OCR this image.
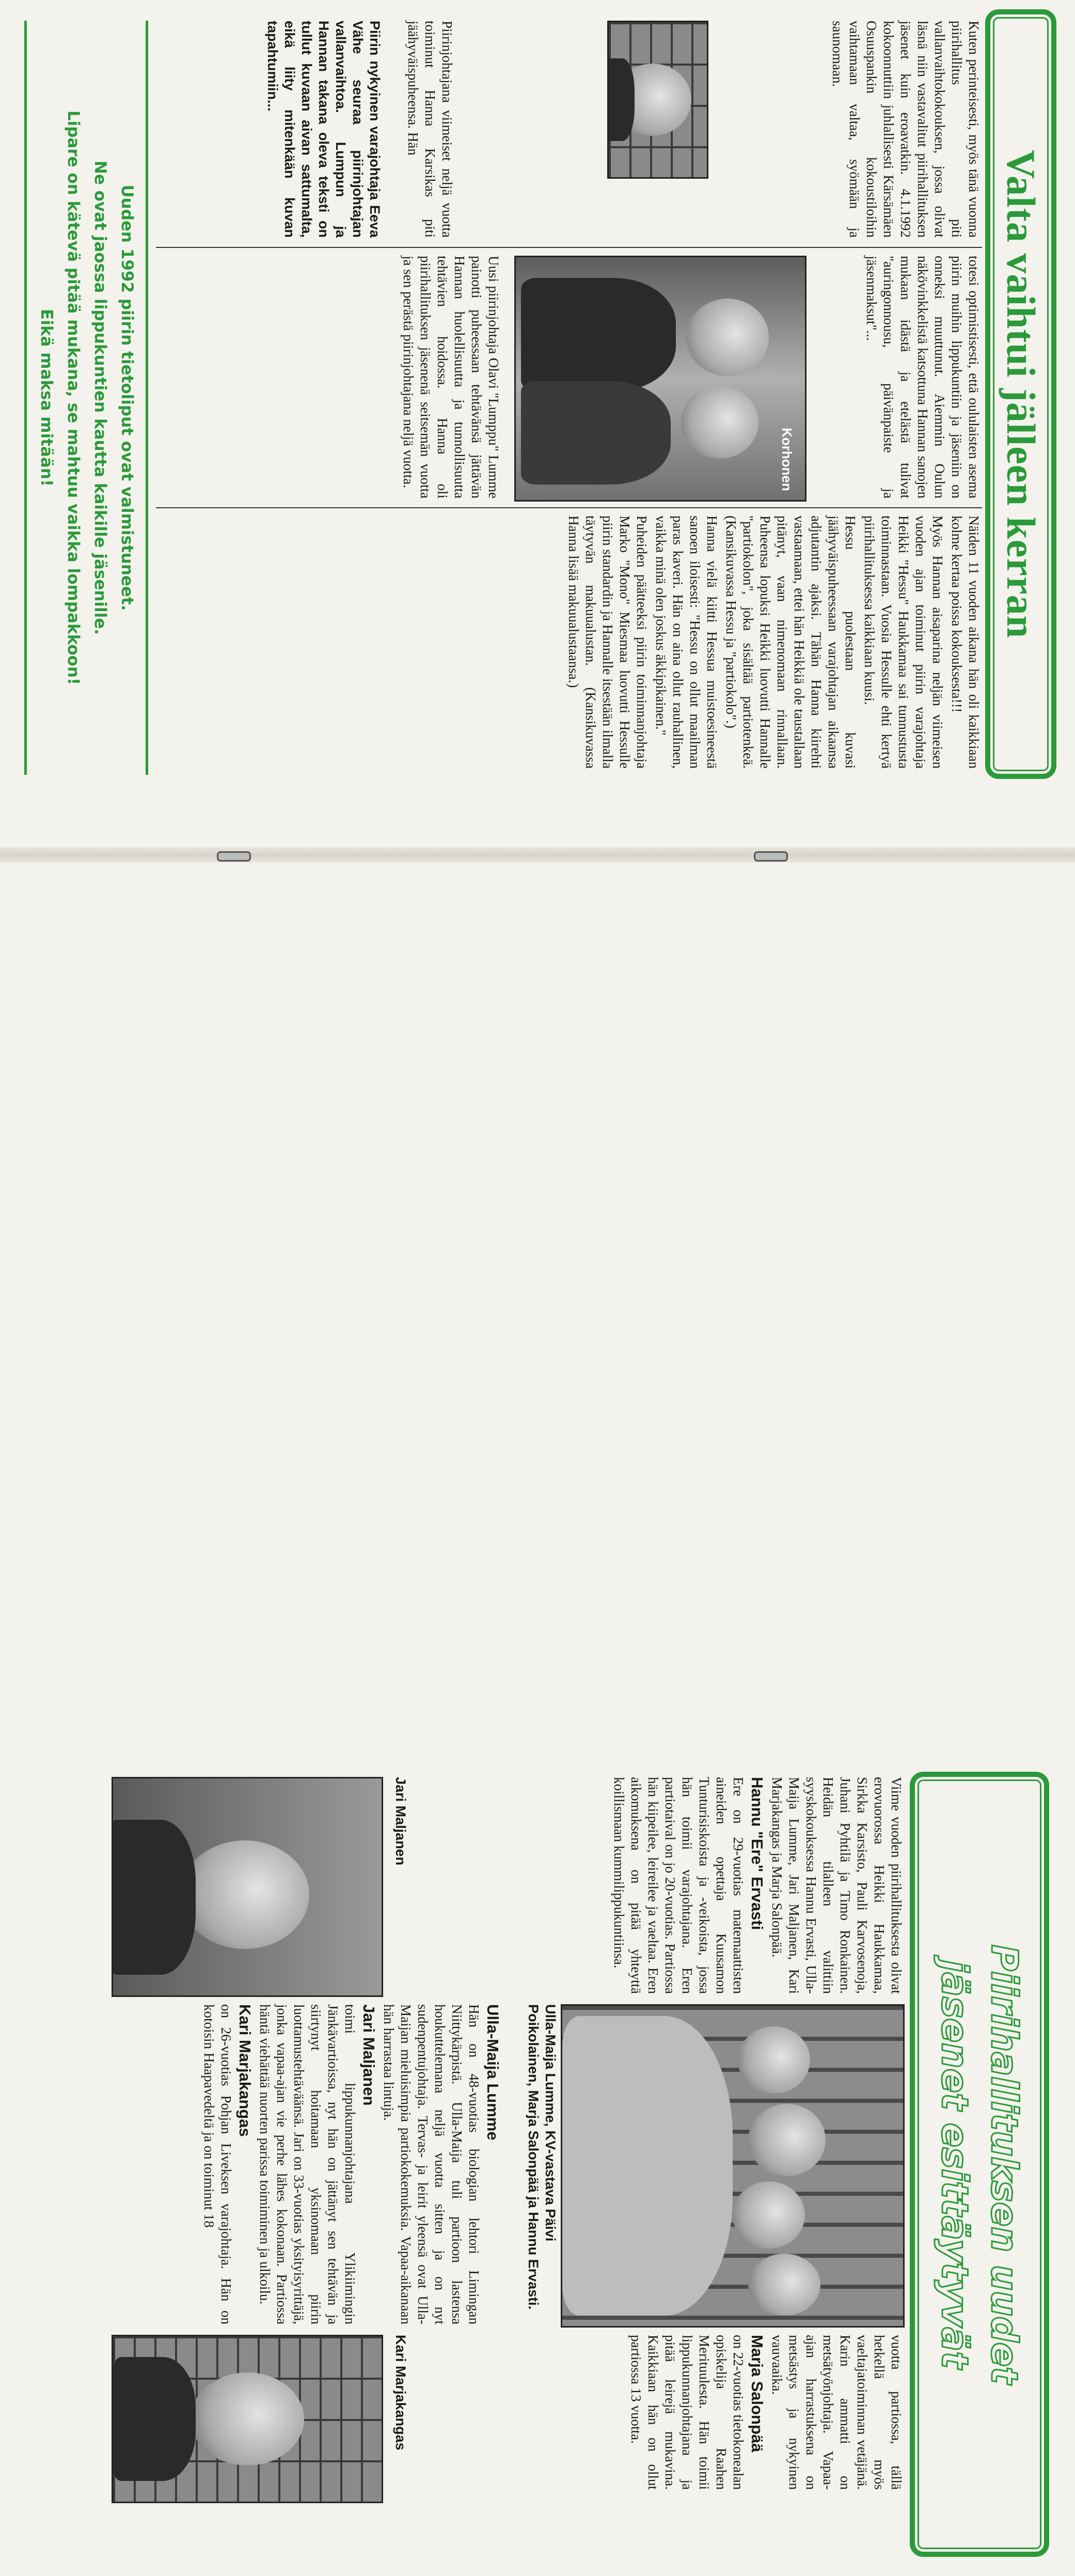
Valta vaihtui jälleen kerran

Kuten perinteisesti, myös tänä vuonna piirihallitus piti vallanvaihtokokouksen, jossa olivat läsnä niin vastavalitut piirihallituksen jäsenet kuin eroavatkin. 4.1.1992 kokoonnuttiin juhlallisesti Kärsämäen Osuuspankin kokoustiloihin vaihtamaan valtaa, syömään ja saunomaan.

Piirinjohtajana viimeiset neljä vuotta toiminut Hanna Karsikas piti jäähyväispuheensa. Hän

Piirin nykyinen varajohtaja Eeva Vähe seuraa piirinjohtajan vallanvaihtoa. Lumpun ja Hannan takana oleva teksti on tullut kuvaan aivan sattumalta, eikä liity mitenkään kuvan tapahtumiin...

totesi optimistisesti, että oululaisten asema piirin muihin lippukuntiin ja jäseniin on onneksi muuttunut. Aiemmin Oulun näkövinkkelistä katsottuna Hannan sanojen mukaan idästä ja etelästä tulivat "auringonnousu, päivänpaiste ja jäsenmaksut"...

Korhonen

Uusi piirinjohtaja Olavi "Lumppu" Lumme painotti puheessaan tehtävänsä jättävän Hannan huolellisuutta ja tunnollisuutta tehtävien hoidossa. Hanna oli piirihallituksen jäsenenä seitsemän vuotta ja sen perästä piirinjohtajana neljä vuotta.

Näiden 11 vuoden aikana hän oli kaikkiaan kolme kertaa poissa kokouksesta!!!

Myös Hannan aisaparina neljän viimeisen vuoden ajan toiminut piirin varajohtaja Heikki "Hessu" Haukkamaa sai tunnustusta toiminnastaan. Vuosia Hessulle ehti kertyä piirihallituksessa kaikkiaan kuusi.

Hessu puolestaan kuvasi jäähyväispuheessaan varajohtajan aikaansa adjutantin ajaksi. Tähän Hanna kiirehti vastaamaan, ettei hän Heikkiä ole taustallaan pitänyt, vaan nimenomaan rinnallaan. Puheensa lopuksi Heikki luovutti Hannalle "partiokolon", joka sisältää partiotenkeä. (Kansikuvassa Hessu ja "partiokolo".)

Hanna vielä kiitti Hessua muistoesineestä sanoen iloisesti: "Hessu on ollut maailman paras kaveri. Hän on aina ollut rauhallinen, vaikka minä olen joskus äkkipikainen."

Puheiden päätteeksi piirin toiminnanjohtaja Marko "Mono" Miesmaa luovutti Hessulle piirin standardin ja Hannalle itsestään ilmalla täytyvän makuualustan. (Kansikuvassa Hanna lisää makuualustaansa.)

Uuden 1992 piirin tietoliput ovat valmistuneet.
Ne ovat jaossa lippukuntien kautta kaikille jäsenille.
Lipare on kätevä pitää mukana, se mahtuu vaikka lompakkoon!
Eikä maksa mitään!
Piirihallituksen uudet
jäsenet esittäytyvät

Viime vuoden piirihallituksesta olivat erovuorossa Heikki Haukkamaa, Sirkka Karsisto, Pauli Karvosenoja, Juhani Pyhtilä ja Timo Ronkainen. Heidän tilalleen valittiin syyskokouksessa Hannu Ervasti, Ulla-Maija Lumme, Jari Maljanen, Kari Marjakangas ja Marja Salonpää.

Hannu "Ere" Ervasti

Ere on 29-vuotias matemaattisten aineiden opettaja Kuusamon Tunturisiskoista ja -veikoista, jossa hän toimii varajohtajana. Eren partiotaival on jo 20-vuotias. Partiossa hän kiipeilee, leireilee ja vaeltaa. Eren aikomuksena on pitää yhteyttä koillismaan kummilippukuntiinsa.

Jari Maljanen
Ulla-Maija Lumme, KV-vastava Päivi Poikolainen, Marja Salonpää ja Hannu Ervasti.
Ulla-Maija Lumme

Hän on 48-vuotias biologian lehtori Limingan Niittykärpistä. Ulla-Maija tuli partioon lastensa houkuttelemana neljä vuotta sitten ja on nyt sudenpentujohtaja. Tervas- ja leirit yleensä ovat Ulla-Maijan mieluisimpia partiokokemuksia. Vapaa-aikanaan hän harrastaa lintuja.

Jari Maljanen

toimi lippukunnanjohtajana Ylikiimingin Jänkävartioissa, nyt hän on jättänyt sen tehtävän ja siirtynyt hoitamaan yksinomaan piirin luottamustehtäväänsä. Jari on 33-vuotias yksityisyrittäjä, jonka vapaa-ajan vie perhe lähes kokonaan. Partiossa häntä viehättää nuorten parissa toimiminen ja ulkoilu.

Kari Marjakangas

on 26-vuotias Pohjan Liveksen varajohtaja. Hän on kotoisin Haapavedeltä ja on toiminut 18

vuotta partiossa, tällä hetkellä myös vaeltajatoiminnan vetäjänä. Karin ammatti on metsätyönjohtaja. Vapaa-ajan harrastuksena on metsästys ja nykyinen vauvaaika.

Marja Salonpää

on 22-vuotias tietokonealan opiskelija Raahen Merituulesta. Hän toimii lippukunnanjohtajana ja pitää leirejä mukavina. Kaikkiaan hän on ollut partiossa 13 vuotta.

Kari Marjakangas
